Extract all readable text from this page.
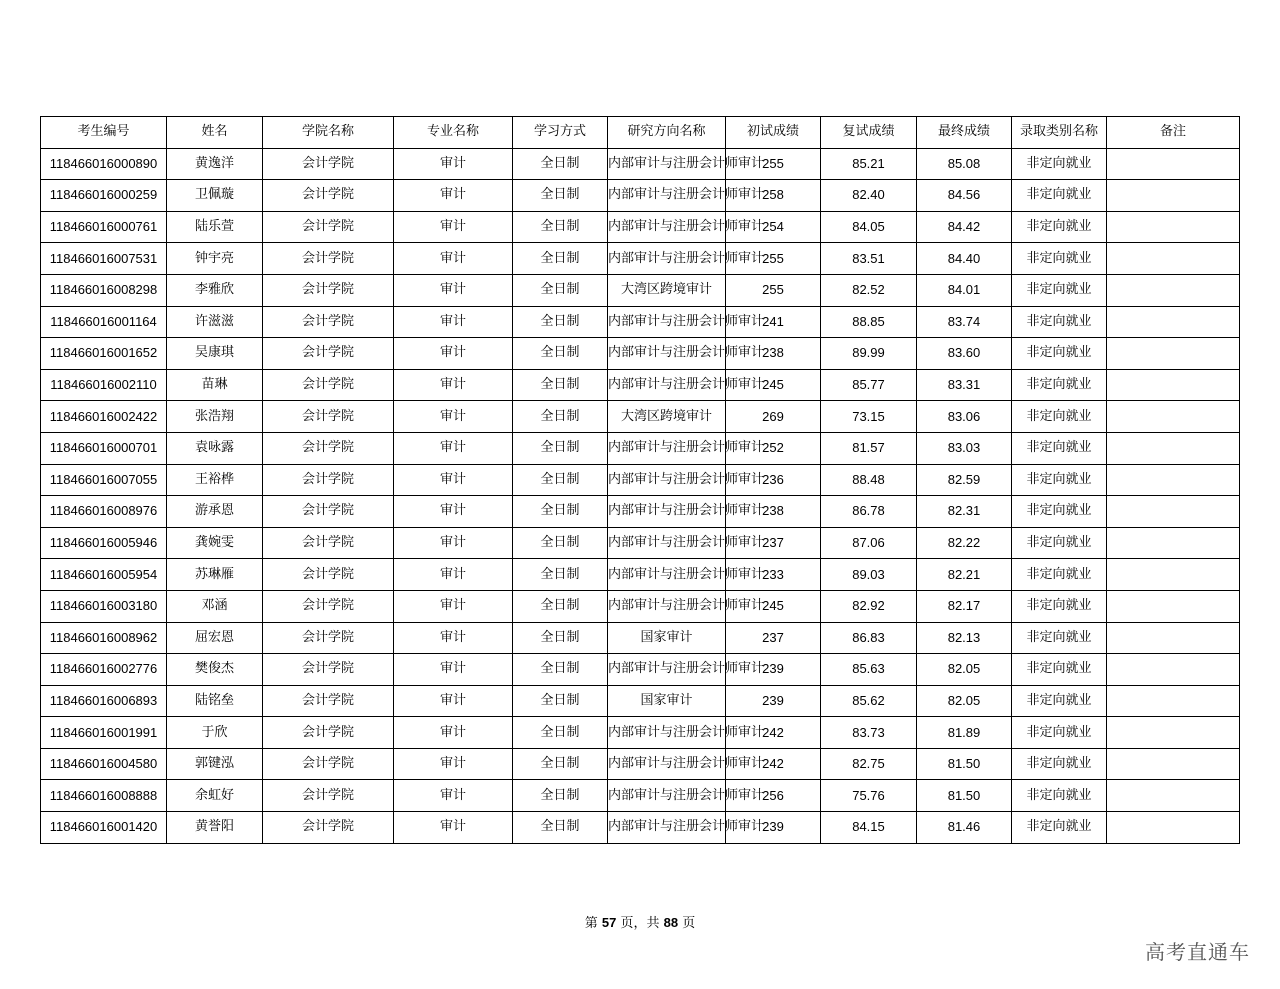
考生编号	姓名	学院名称	专业名称	学习方式	研究方向名称	初试成绩	复试成绩	最终成绩	录取类别名称	备注
118466016000890	黄逸洋	会计学院	审计	全日制	内部审计与注册会计师审计	255	85.21	85.08	非定向就业	
118466016000259	卫佩璇	会计学院	审计	全日制	内部审计与注册会计师审计	258	82.40	84.56	非定向就业	
118466016000761	陆乐萱	会计学院	审计	全日制	内部审计与注册会计师审计	254	84.05	84.42	非定向就业	
118466016007531	钟宇亮	会计学院	审计	全日制	内部审计与注册会计师审计	255	83.51	84.40	非定向就业	
118466016008298	李雅欣	会计学院	审计	全日制	大湾区跨境审计	255	82.52	84.01	非定向就业	
118466016001164	许滋滋	会计学院	审计	全日制	内部审计与注册会计师审计	241	88.85	83.74	非定向就业	
118466016001652	吴康琪	会计学院	审计	全日制	内部审计与注册会计师审计	238	89.99	83.60	非定向就业	
118466016002110	苗琳	会计学院	审计	全日制	内部审计与注册会计师审计	245	85.77	83.31	非定向就业	
118466016002422	张浩翔	会计学院	审计	全日制	大湾区跨境审计	269	73.15	83.06	非定向就业	
118466016000701	袁咏露	会计学院	审计	全日制	内部审计与注册会计师审计	252	81.57	83.03	非定向就业	
118466016007055	王裕桦	会计学院	审计	全日制	内部审计与注册会计师审计	236	88.48	82.59	非定向就业	
118466016008976	游承恩	会计学院	审计	全日制	内部审计与注册会计师审计	238	86.78	82.31	非定向就业	
118466016005946	龚婉雯	会计学院	审计	全日制	内部审计与注册会计师审计	237	87.06	82.22	非定向就业	
118466016005954	苏琳雁	会计学院	审计	全日制	内部审计与注册会计师审计	233	89.03	82.21	非定向就业	
118466016003180	邓涵	会计学院	审计	全日制	内部审计与注册会计师审计	245	82.92	82.17	非定向就业	
118466016008962	屈宏恩	会计学院	审计	全日制	国家审计	237	86.83	82.13	非定向就业	
118466016002776	樊俊杰	会计学院	审计	全日制	内部审计与注册会计师审计	239	85.63	82.05	非定向就业	
118466016006893	陆铭垒	会计学院	审计	全日制	国家审计	239	85.62	82.05	非定向就业	
118466016001991	于欣	会计学院	审计	全日制	内部审计与注册会计师审计	242	83.73	81.89	非定向就业	
118466016004580	郭键泓	会计学院	审计	全日制	内部审计与注册会计师审计	242	82.75	81.50	非定向就业	
118466016008888	余虹好	会计学院	审计	全日制	内部审计与注册会计师审计	256	75.76	81.50	非定向就业	
118466016001420	黄誉阳	会计学院	审计	全日制	内部审计与注册会计师审计	239	84.15	81.46	非定向就业	
第 57 页，共 88 页
高考直通车
